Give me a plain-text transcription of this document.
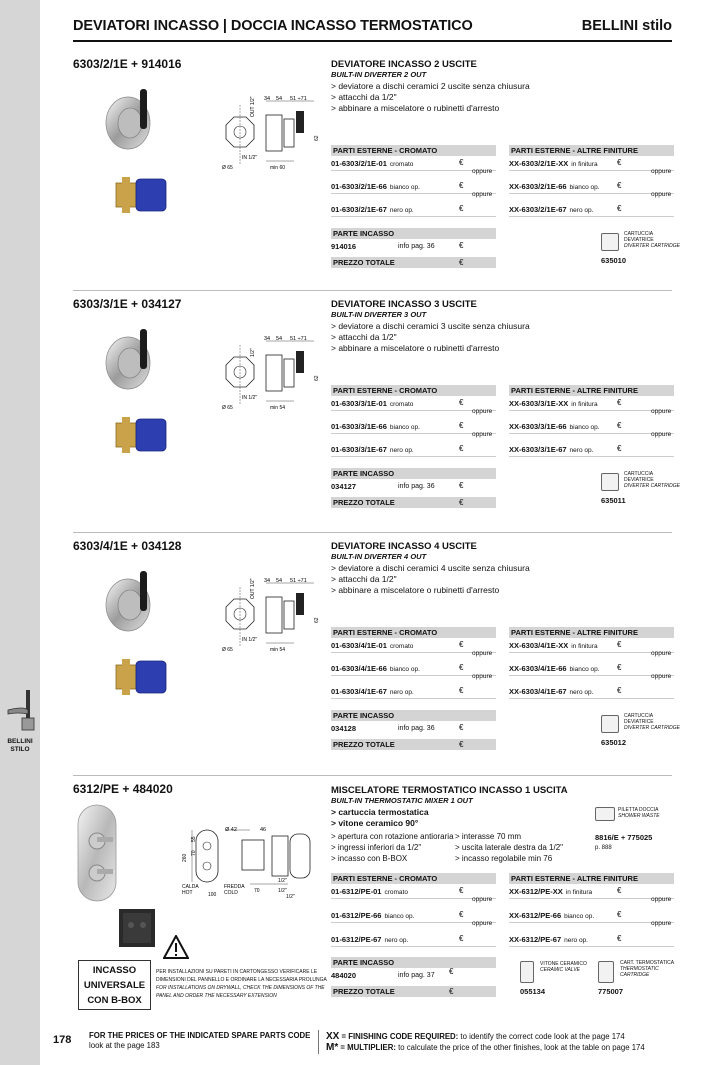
BELLINI
STILO
DEVIATORI INCASSO | DOCCIA INCASSO TERMOSTATICO	BELLINI stilo
6303/2/1E + 914016	DEVIATORE INCASSO 2 USCITE
BUILT-IN DIVERTER 2 OUT
> deviatore a dischi ceramici 2 uscite senza chiusura
> attacchi da 1/2"
> abbinare a miscelatore o rubinetti d'arresto
34 54 51 ÷71
OUT 1/2"
IN 1/2"
Ø 65	min 60
62
PARTI ESTERNE - CROMATO	PARTI ESTERNE - ALTRE FINITURE
01-6303/2/1E-01 cromato	€	XX-6303/2/1E-XX in finitura €
oppure	oppure
01-6303/2/1E-66 bianco op.	€	XX-6303/2/1E-66 bianco op. €
oppure	oppure
01-6303/2/1E-67 nero op.	€	XX-6303/2/1E-67 nero op.	€
PARTE INCASSO
914016	info pag. 36	€
PREZZO TOTALE	€
CARTUCCIA
DEVIATRICE
DIVERTER CARTRIDGE
635010
6303/3/1E + 034127	DEVIATORE INCASSO 3 USCITE
BUILT-IN DIVERTER 3 OUT
> deviatore a dischi ceramici 3 uscite senza chiusura
> attacchi da 1/2"
> abbinare a miscelatore o rubinetti d'arresto
34 54 51 ÷71
1/2"
IN 1/2"
Ø 65	min 54
62
PARTI ESTERNE - CROMATO	PARTI ESTERNE - ALTRE FINITURE
01-6303/3/1E-01 cromato	€	XX-6303/3/1E-XX in finitura €
oppure	oppure
01-6303/3/1E-66 bianco op.	€	XX-6303/3/1E-66 bianco op. €
oppure	oppure
01-6303/3/1E-67 nero op.	€	XX-6303/3/1E-67 nero op.	€
PARTE INCASSO
034127	info pag. 36	€
PREZZO TOTALE	€
CARTUCCIA
DEVIATRICE
DIVERTER CARTRIDGE
635011
6303/4/1E + 034128	DEVIATORE INCASSO 4 USCITE
BUILT-IN DIVERTER 4 OUT
> deviatore a dischi ceramici 4 uscite senza chiusura
> attacchi da 1/2"
> abbinare a miscelatore o rubinetti d'arresto
34 54 51 ÷71
OUT 1/2"
IN 1/2"
Ø 65	min 54
62
PARTI ESTERNE - CROMATO	PARTI ESTERNE - ALTRE FINITURE
01-6303/4/1E-01 cromato	€	XX-6303/4/1E-XX in finitura €
oppure	oppure
01-6303/4/1E-66 bianco op.	€	XX-6303/4/1E-66 bianco op. €
oppure	oppure
01-6303/4/1E-67 nero op.	€	XX-6303/4/1E-67 nero op.	€
PARTE INCASSO
034128	info pag. 36	€
PREZZO TOTALE	€
CARTUCCIA
DEVIATRICE
DIVERTER CARTRIDGE
635012
6312/PE + 484020	MISCELATORE TERMOSTATICO INCASSO 1 USCITA
BUILT-IN THERMOSTATIC MIXER 1 OUT
> cartuccia termostatica
> vitone ceramico 90°
> apertura con rotazione antioraria
> ingressi inferiori da 1/2"
> incasso con B-BOX
> interasse 70 mm
> uscita laterale destra da 1/2"
> incasso regolabile min 76
PILETTA DOCCIA
SHOWER WASTE
8816/E + 775025
p. 888
PARTI ESTERNE - CROMATO	PARTI ESTERNE - ALTRE FINITURE
01-6312/PE-01 cromato	€	XX-6312/PE-XX in finitura	€
oppure	oppure
01-6312/PE-66 bianco op.	€	XX-6312/PE-66 bianco op.	€
oppure	oppure
01-6312/PE-67 nero op.	€	XX-6312/PE-67 nero op.	€
PARTE INCASSO
484020	info pag. 37 €
PREZZO TOTALE	€
VITONE CERAMICO
CERAMIC VALVE
055134
CART. TERMOSTATICA
THERMOSTATIC
CARTRIDGE
775007
INCASSO
UNIVERSALE
CON B-BOX
PER INSTALLAZIONI SU PARETI IN CARTONGESSO VERIFICARE LE DIMENSIONI DEL PANNELLO E ORDINARE LA NECESSARIA PROLUNGA
FOR INSTALLATIONS ON DRYWALL, CHECK THE DIMENSIONS OF THE PANEL AND ORDER THE NECESSARY EXTENSION
Ø 42	46
260
55
70
CALDA
HOT
FREDDA
COLD
100
70
1/2"
1/2"
1/2"
178 FOR THE PRICES OF THE INDICATED SPARE PARTS CODE
look at the page 183
XX = FINISHING CODE REQUIRED: to identify the correct code look at the page 174
M* = MULTIPLIER: to calculate the price of the other finishes, look at the table on page 174
